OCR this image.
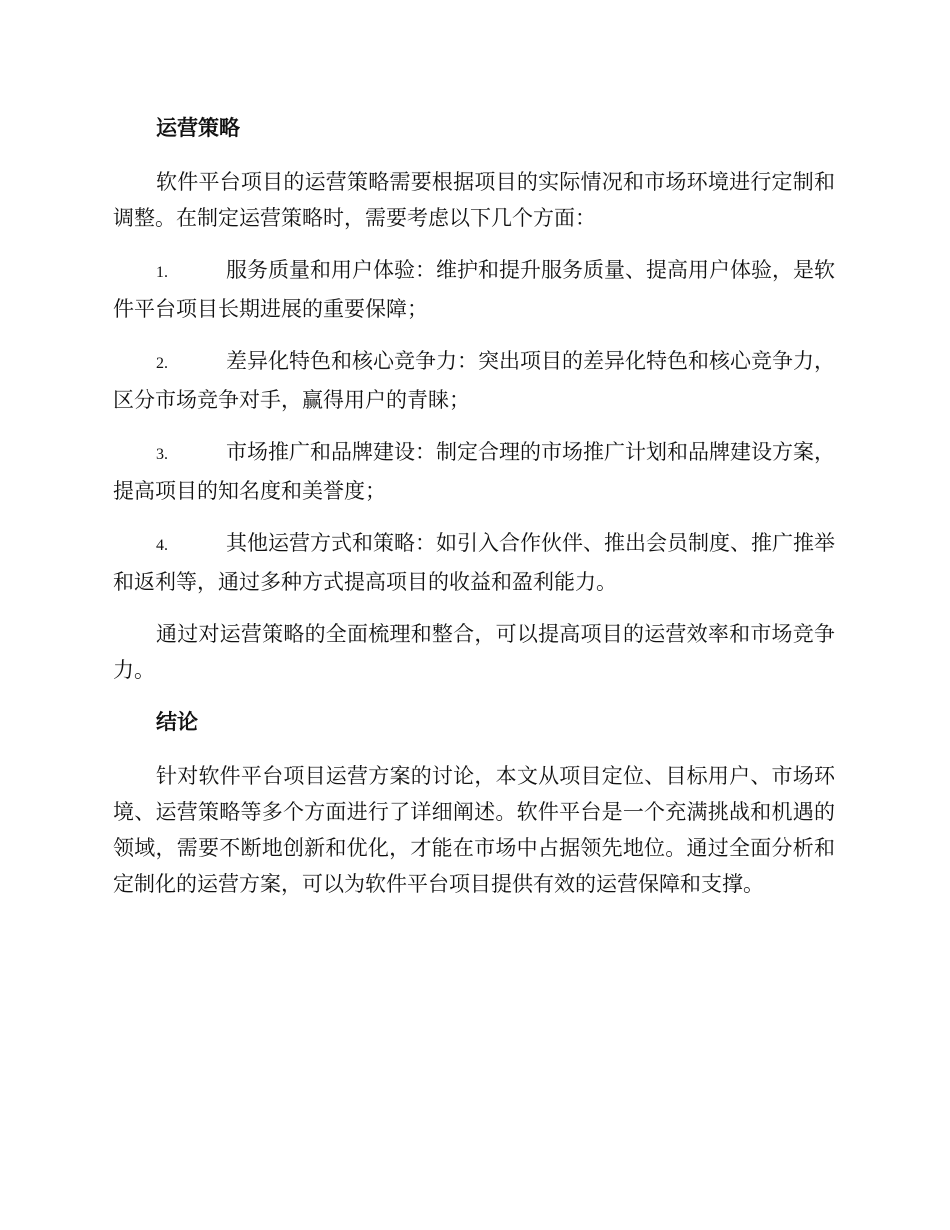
运营策略

软件平台项目的运营策略需要根据项目的实际情况和市场环境进行定制和调整。在制定运营策略时，需要考虑以下几个方面：

1.	服务质量和用户体验：维护和提升服务质量、提高用户体验，是软件平台项目长期进展的重要保障；

2.	差异化特色和核心竞争力：突出项目的差异化特色和核心竞争力，区分市场竞争对手，赢得用户的青睐；

3.	市场推广和品牌建设：制定合理的市场推广计划和品牌建设方案，提高项目的知名度和美誉度；

4.	其他运营方式和策略：如引入合作伙伴、推出会员制度、推广推举和返利等，通过多种方式提高项目的收益和盈利能力。

通过对运营策略的全面梳理和整合，可以提高项目的运营效率和市场竞争力。

结论

针对软件平台项目运营方案的讨论，本文从项目定位、目标用户、市场环境、运营策略等多个方面进行了详细阐述。软件平台是一个充满挑战和机遇的领域，需要不断地创新和优化，才能在市场中占据领先地位。通过全面分析和定制化的运营方案，可以为软件平台项目提供有效的运营保障和支撑。
